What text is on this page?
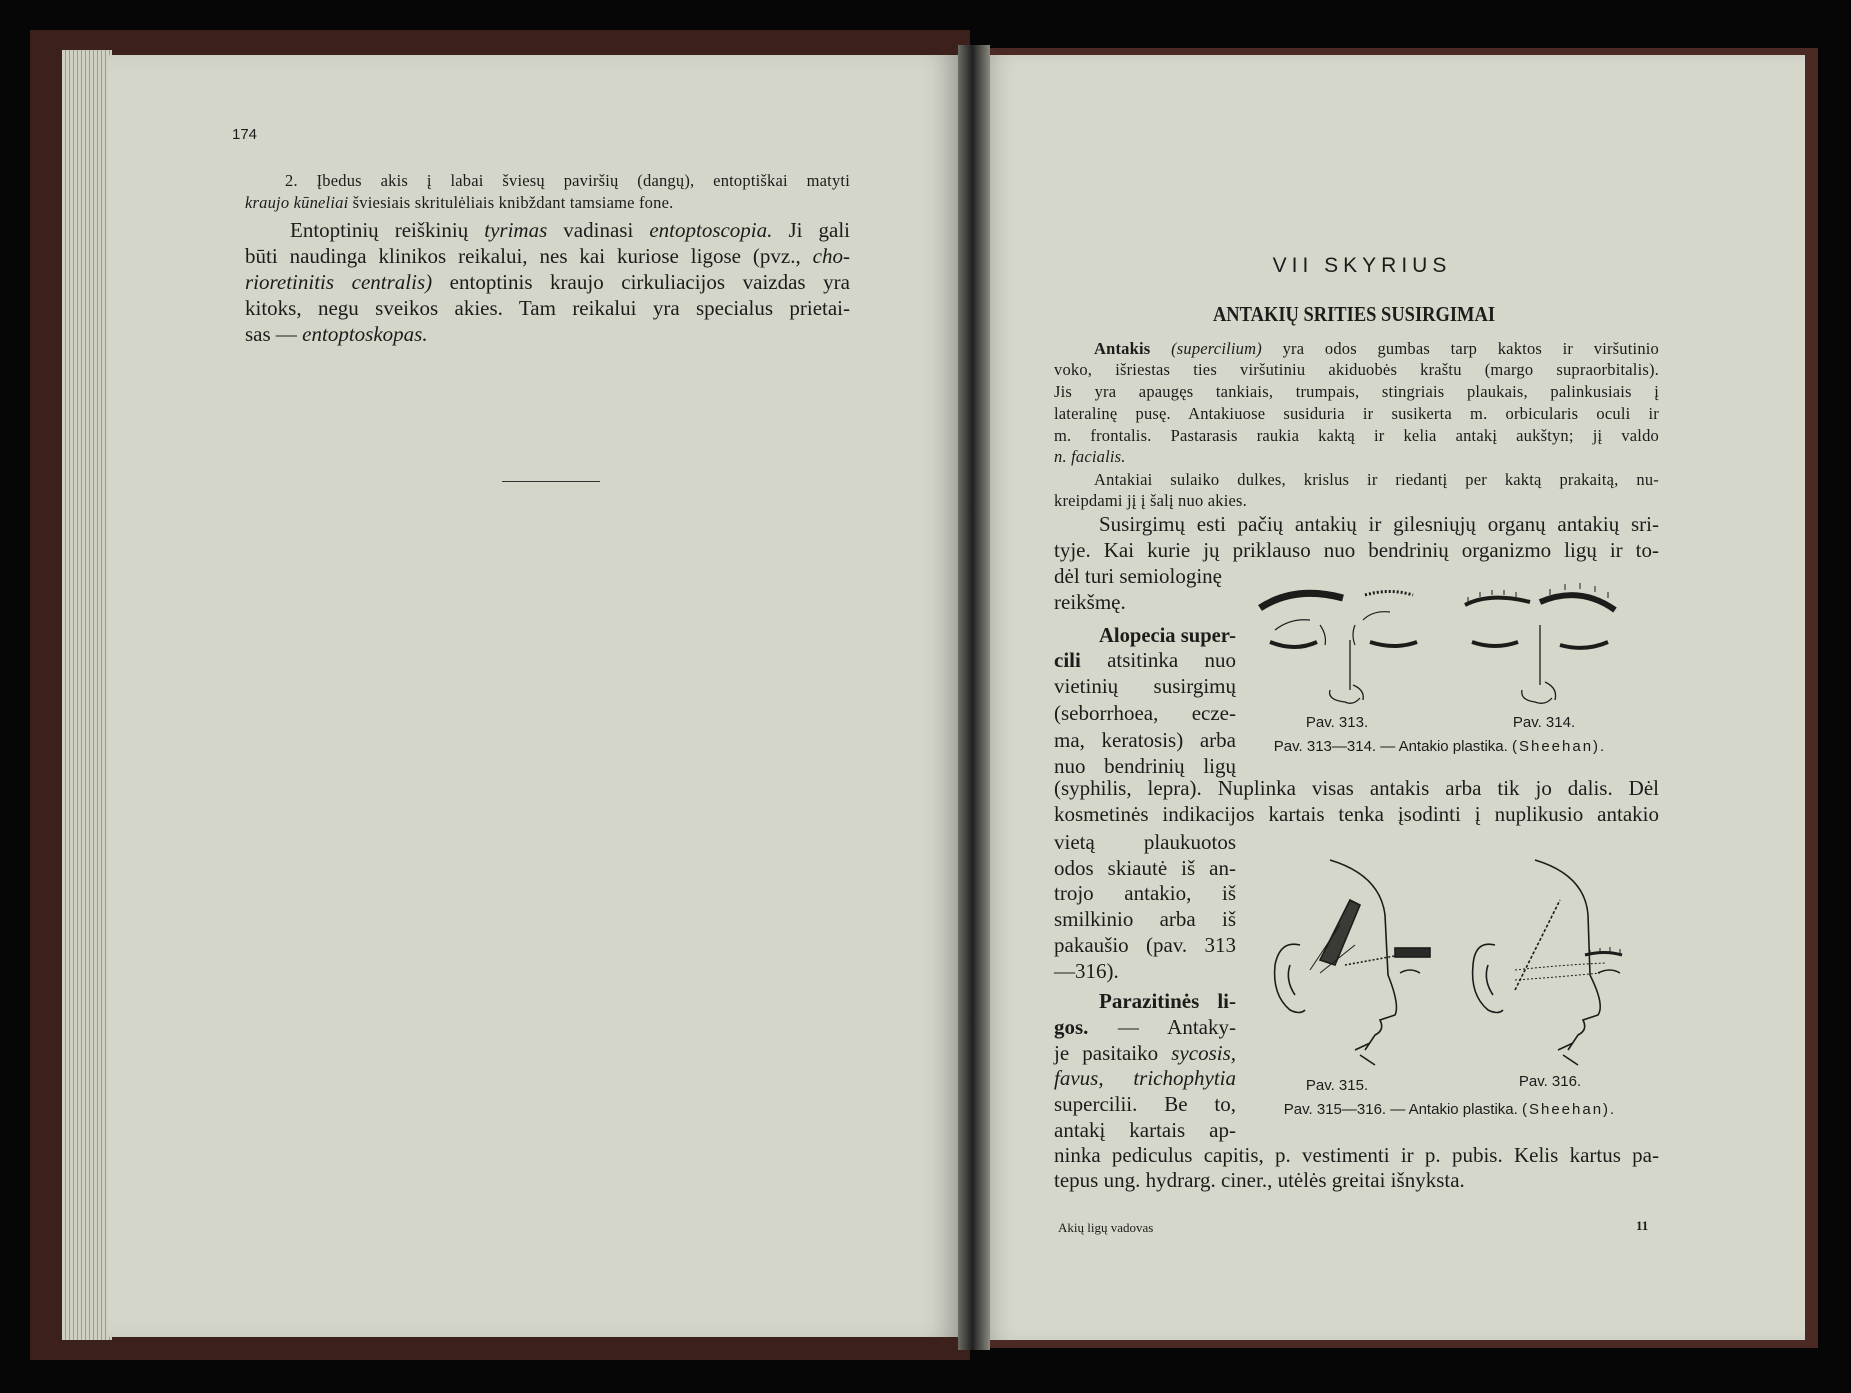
174
2. Įbedus akis į labai šviesų paviršių (dangų), entoptiškai matyti
kraujo kūneliai šviesiais skritulėliais knibždant tamsiame fone.
Entoptinių reiškinių tyrimas vadinasi entoptoscopia. Ji gali
būti naudinga klinikos reikalui, nes kai kuriose ligose (pvz., cho-
rioretinitis centralis) entoptinis kraujo cirkuliacijos vaizdas yra
kitoks, negu sveikos akies. Tam reikalui yra specialus prietai-
sas — entoptoskopas.
Antakis (supercilium) yra odos gumbas tarp kaktos ir viršutinio
voko, išriestas ties viršutiniu akiduobės kraštu (margo supraorbitalis).
Jis yra apaugęs tankiais, trumpais, stingriais plaukais, palinkusiais į
lateralinę pusę. Antakiuose susiduria ir susikerta m. orbicularis oculi ir
m. frontalis. Pastarasis raukia kaktą ir kelia antakį aukštyn; jį valdo
n. facialis.
Antakiai sulaiko dulkes, krislus ir riedantį per kaktą prakaitą, nu-
kreipdami jį į šalį nuo akies.
Susirgimų esti pačių antakių ir gilesniųjų organų antakių sri-
tyje. Kai kurie jų priklauso nuo bendrinių organizmo ligų ir to-
dėl turi semiologinę
reikšmę.
Alopecia super-
cili atsitinka nuo
vietinių susirgimų
(seborrhoea, ecze-
ma, keratosis) arba
nuo bendrinių ligų
(syphilis, lepra). Nuplinka visas antakis arba tik jo dalis. Dėl
kosmetinės indikacijos kartais tenka įsodinti į nuplikusio antakio
vietą plaukuotos
odos skiautė iš an-
trojo antakio, iš
smilkinio arba iš
pakaušio (pav. 313
—316).
Parazitinės li-
gos. — Antaky-
je pasitaiko sycosis,
favus, trichophytia
supercilii. Be to,
antakį kartais ap-
ninka pediculus capitis, p. vestimenti ir p. pubis. Kelis kartus pa-
tepus ung. hydrarg. ciner., utėlės greitai išnyksta.
VII SKYRIUS
ANTAKIŲ SRITIES SUSIRGIMAI
Pav. 313.	Pav. 314.
Pav. 313—314. — Antakio plastika. (Sheehan).
Pav. 315.	Pav. 316.
Pav. 315—316. — Antakio plastika. (Sheehan).
Akių ligų vadovas	11
